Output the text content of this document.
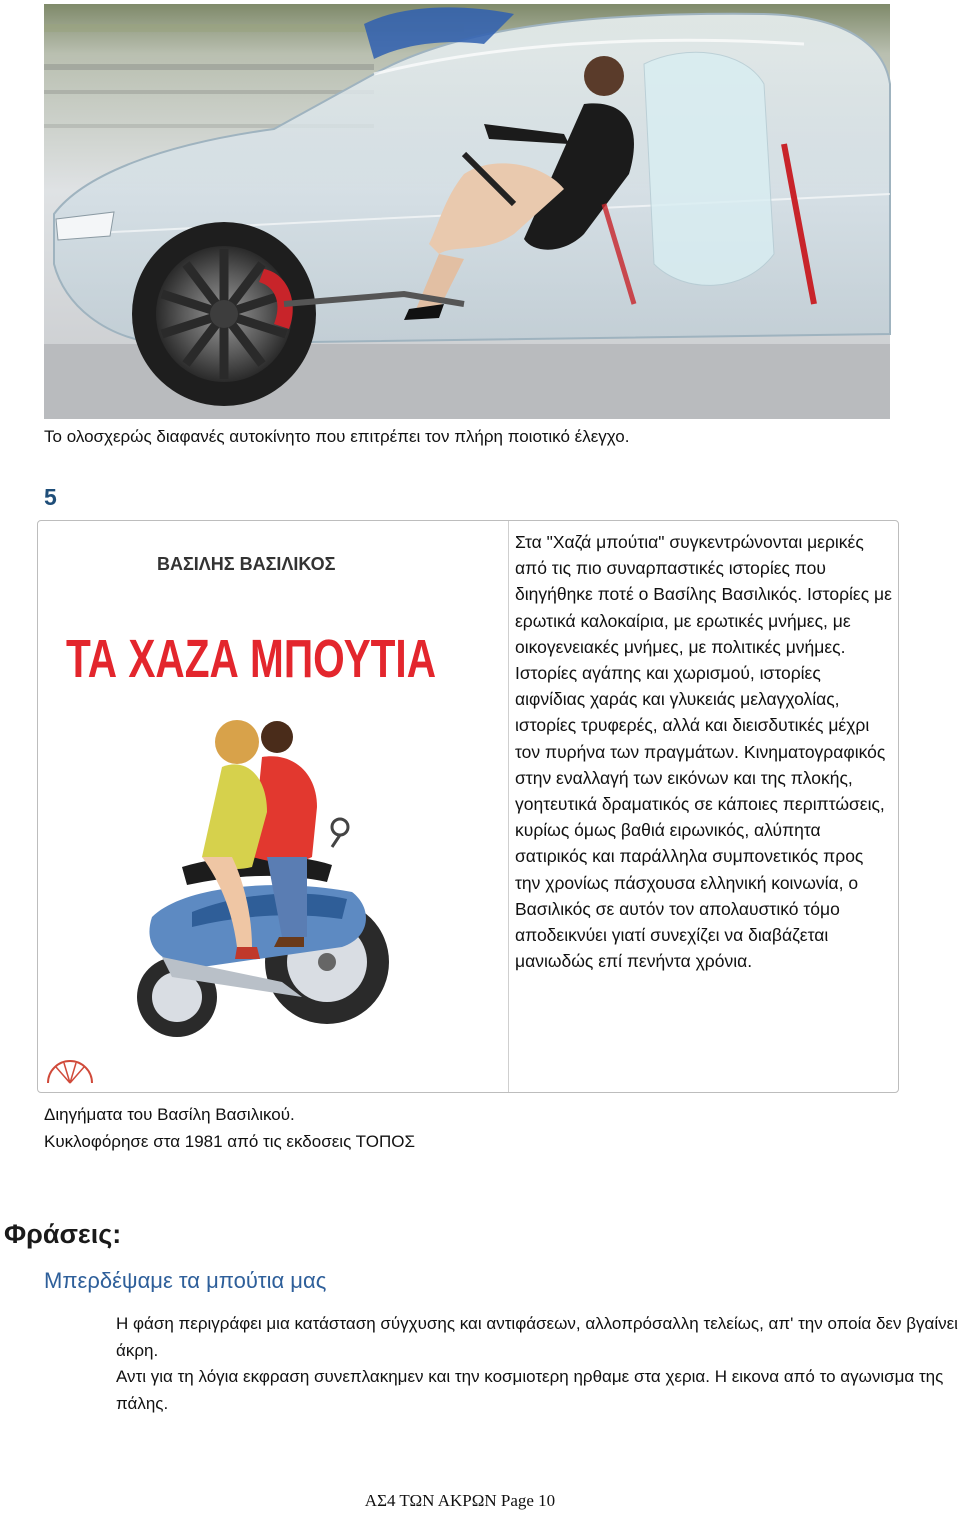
Το ολοσχερώς διαφανές αυτοκίνητο που επιτρέπει τον πλήρη ποιοτικό έλεγχο.
5
ΒΑΣΙΛΗΣ ΒΑΣΙΛΙΚΟΣ
ΤΑ ΧΑΖΑ ΜΠΟΥΤΙΑ
Στα "Χαζά μπούτια" συγκεντρώνονται μερικές από τις πιο συναρπαστικές ιστορίες που διηγήθηκε ποτέ ο Βασίλης Βασιλικός. Ιστορίες με ερωτικά καλοκαίρια, με ερωτικές μνήμες, με οικογενειακές μνήμες, με πολιτικές μνήμες. Ιστορίες αγάπης και χωρισμού, ιστορίες αιφνίδιας χαράς και γλυκειάς μελαγχολίας, ιστορίες τρυφερές, αλλά και διεισδυτικές μέχρι τον πυρήνα των πραγμάτων. Κινηματογραφικός στην εναλλαγή των εικόνων και της πλοκής, γοητευτικά δραματικός σε κάποιες περιπτώσεις, κυρίως όμως βαθιά ειρωνικός, αλύπητα σατιρικός και παράλληλα συμπονετικός προς την χρονίως πάσχουσα ελληνική κοινωνία, ο Βασιλικός σε αυτόν τον απολαυστικό τόμο αποδεικνύει γιατί συνεχίζει να διαβάζεται μανιωδώς επί πενήντα χρόνια.
Διηγήματα του Βασίλη Βασιλικού.
Κυκλοφόρησε στα 1981 από τις εκδοσεις ΤΟΠΟΣ
Φράσεις:
Μπερδέψαμε τα μπούτια μας

Η φάση περιγράφει μια κατάσταση σύγχυσης και αντιφάσεων, αλλοπρόσαλλη τελείως, απ' την οποία δεν βγαίνει άκρη.

Αντι για τη λόγια εκφραση συνεπλακημεν και την κοσμιοτερη ηρθαμε στα χερια. Η εικονα από το αγωνισμα της πάλης.

ΑΣ4 ΤΩΝ ΑΚΡΩΝ Page 10
